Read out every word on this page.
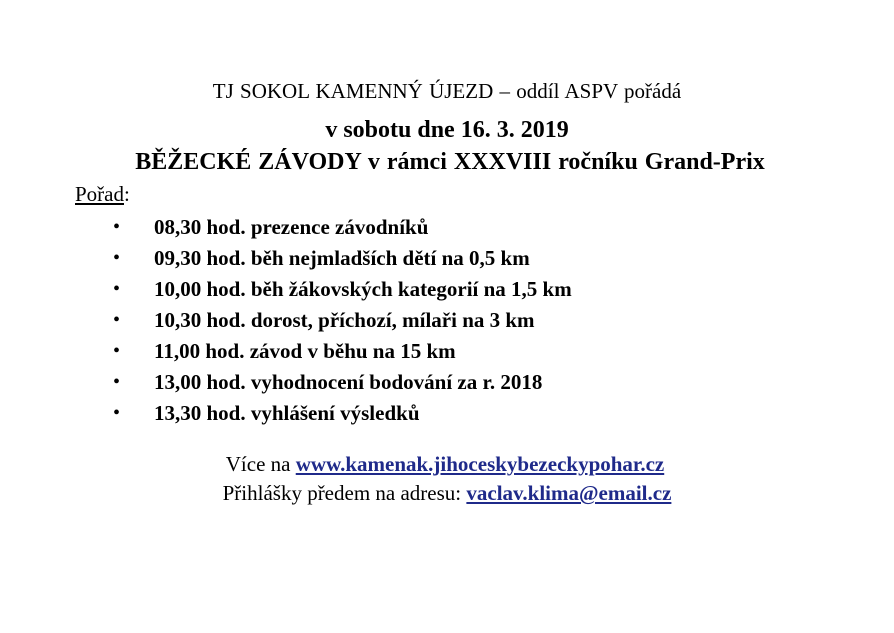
TJ SOKOL KAMENNÝ ÚJEZD – oddíl ASPV pořádá
v sobotu dne 16. 3. 2019
BĚŽECKÉ ZÁVODY v rámci XXXVIII ročníku Grand-Prix
Pořad:
• 08,30 hod. prezence závodníků
• 09,30 hod. běh nejmladších dětí na 0,5 km
• 10,00 hod. běh žákovských kategorií na 1,5 km
• 10,30 hod. dorost, příchozí, mílaři na 3 km
• 11,00 hod. závod v běhu na 15 km
• 13,00 hod. vyhodnocení bodování za r. 2018
• 13,30 hod. vyhlášení výsledků
Více na www.kamenak.jihoceskybezeckypohar.cz
Přihlášky předem na adresu: vaclav.klima@email.cz
